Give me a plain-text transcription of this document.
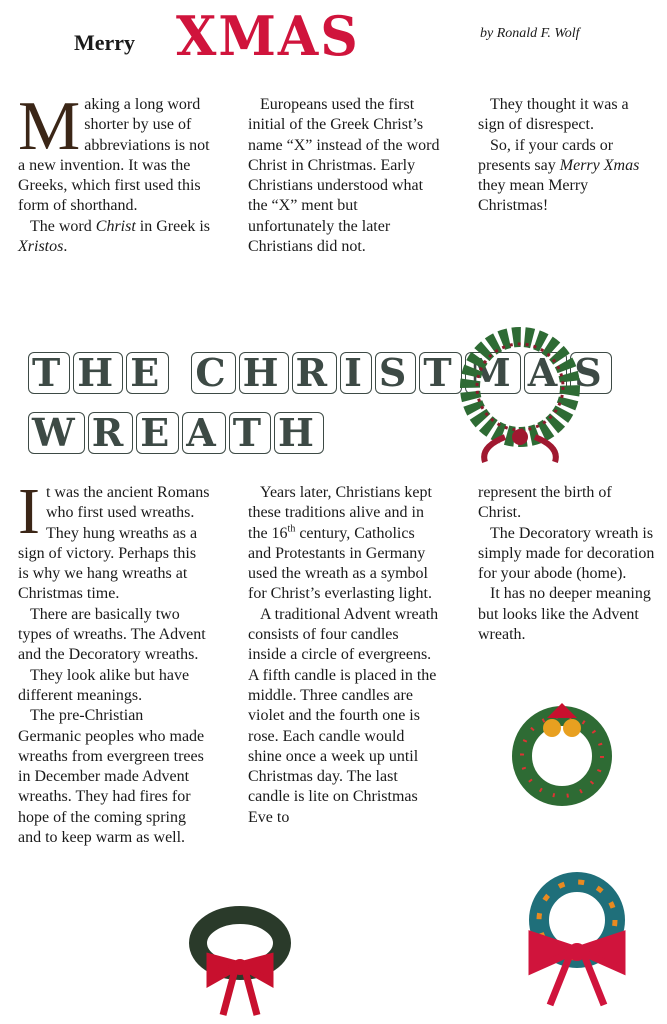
Merry XMAS	by Ronald F. Wolf

Making a long word shorter by use of abbreviations is not a new invention. It was the Greeks, which first used this form of shorthand.

The word Christ in Greek is Xristos.

Europeans used the first initial of the Greek Christ’s name “X” instead of the word Christ in Christmas. Early Christians understood what the “X” ment but unfortunately the later Christians did not.

They thought it was a sign of disrespect.

So, if your cards or presents say Merry Xmas they mean Merry Christmas!

T H E C H R I S T M A S
W R E A T H

It was the ancient Romans who first used wreaths. They hung wreaths as a sign of victory. Perhaps this is why we hang wreaths at Christmas time.

There are basically two types of wreaths. The Advent and the Decoratory wreaths.

They look alike but have different meanings.

The pre-Christian Germanic peoples who made wreaths from evergreen trees in December made Advent wreaths. They had fires for hope of the coming spring and to keep warm as well.

Years later, Christians kept these traditions alive and in the 16th century, Catholics and Protestants in Germany used the wreath as a symbol for Christ’s everlasting light.

A traditional Advent wreath consists of four candles inside a circle of evergreens. A fifth candle is placed in the middle. Three candles are violet and the fourth one is rose. Each candle would shine once a week up until Christmas day. The last candle is lite on Christmas Eve to

represent the birth of Christ.

The Decoratory wreath is simply made for decoration for your abode (home).

It has no deeper meaning but looks like the Advent wreath.
